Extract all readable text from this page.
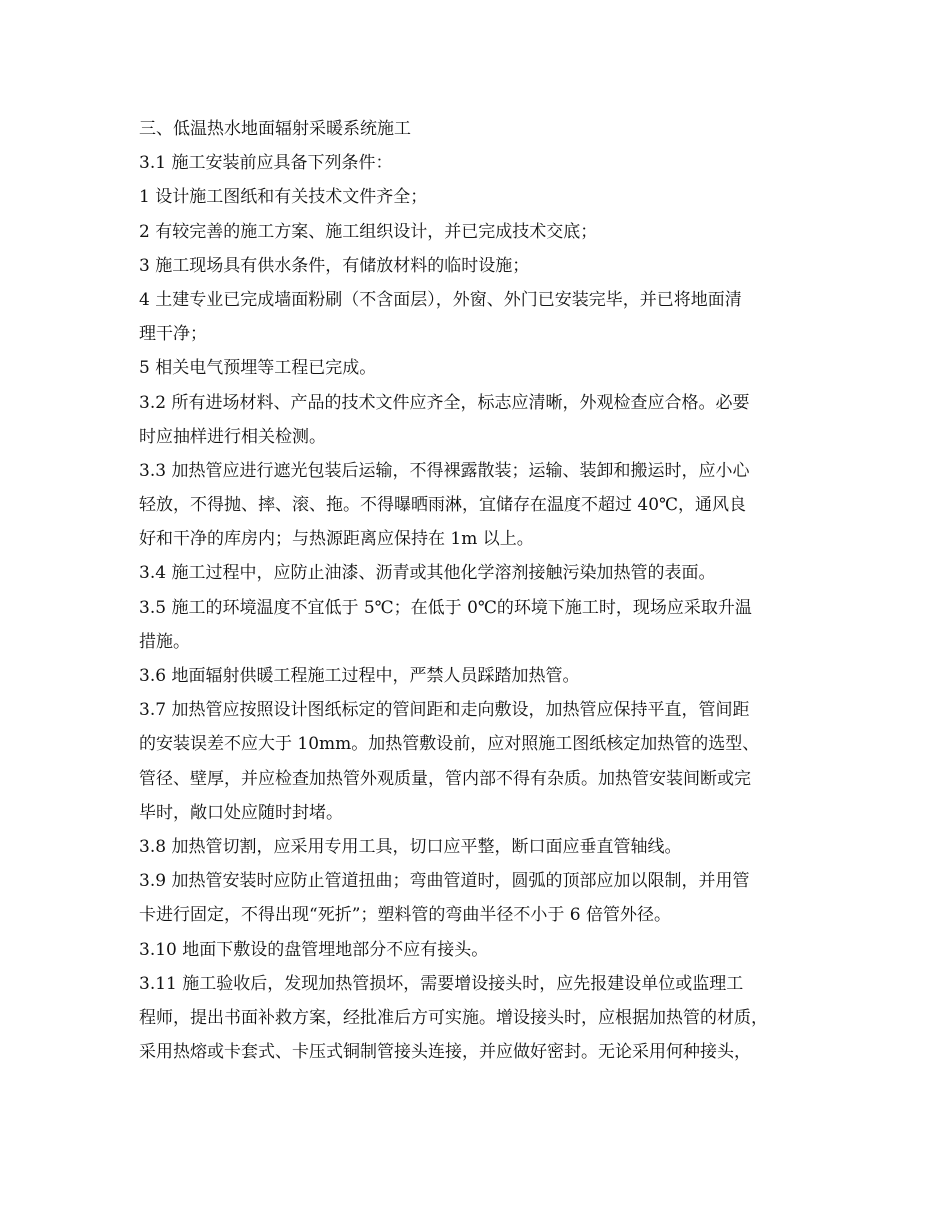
三、低温热水地面辐射采暖系统施工
3.1 施工安装前应具备下列条件：
1 设计施工图纸和有关技术文件齐全；
2 有较完善的施工方案、施工组织设计，并已完成技术交底；
3 施工现场具有供水条件，有储放材料的临时设施；
4 土建专业已完成墙面粉刷（不含面层），外窗、外门已安装完毕，并已将地面清
理干净；
5 相关电气预埋等工程已完成。
3.2 所有进场材料、产品的技术文件应齐全，标志应清晰，外观检查应合格。必要
时应抽样进行相关检测。
3.3 加热管应进行遮光包装后运输，不得裸露散装；运输、装卸和搬运时，应小心
轻放，不得抛、摔、滚、拖。不得曝晒雨淋，宜储存在温度不超过 40℃，通风良
好和干净的库房内；与热源距离应保持在 1m 以上。
3.4 施工过程中，应防止油漆、沥青或其他化学溶剂接触污染加热管的表面。
3.5 施工的环境温度不宜低于 5℃；在低于 0℃的环境下施工时，现场应采取升温
措施。
3.6 地面辐射供暖工程施工过程中，严禁人员踩踏加热管。
3.7 加热管应按照设计图纸标定的管间距和走向敷设，加热管应保持平直，管间距
的安装误差不应大于 10mm。加热管敷设前，应对照施工图纸核定加热管的选型、
管径、壁厚，并应检查加热管外观质量，管内部不得有杂质。加热管安装间断或完
毕时，敞口处应随时封堵。
3.8 加热管切割，应采用专用工具，切口应平整，断口面应垂直管轴线。
3.9 加热管安装时应防止管道扭曲；弯曲管道时，圆弧的顶部应加以限制，并用管
卡进行固定，不得出现“死折”；塑料管的弯曲半径不小于 6 倍管外径。
3.10 地面下敷设的盘管埋地部分不应有接头。
3.11 施工验收后，发现加热管损坏，需要增设接头时，应先报建设单位或监理工
程师，提出书面补救方案，经批准后方可实施。增设接头时，应根据加热管的材质，
采用热熔或卡套式、卡压式铜制管接头连接，并应做好密封。无论采用何种接头，
